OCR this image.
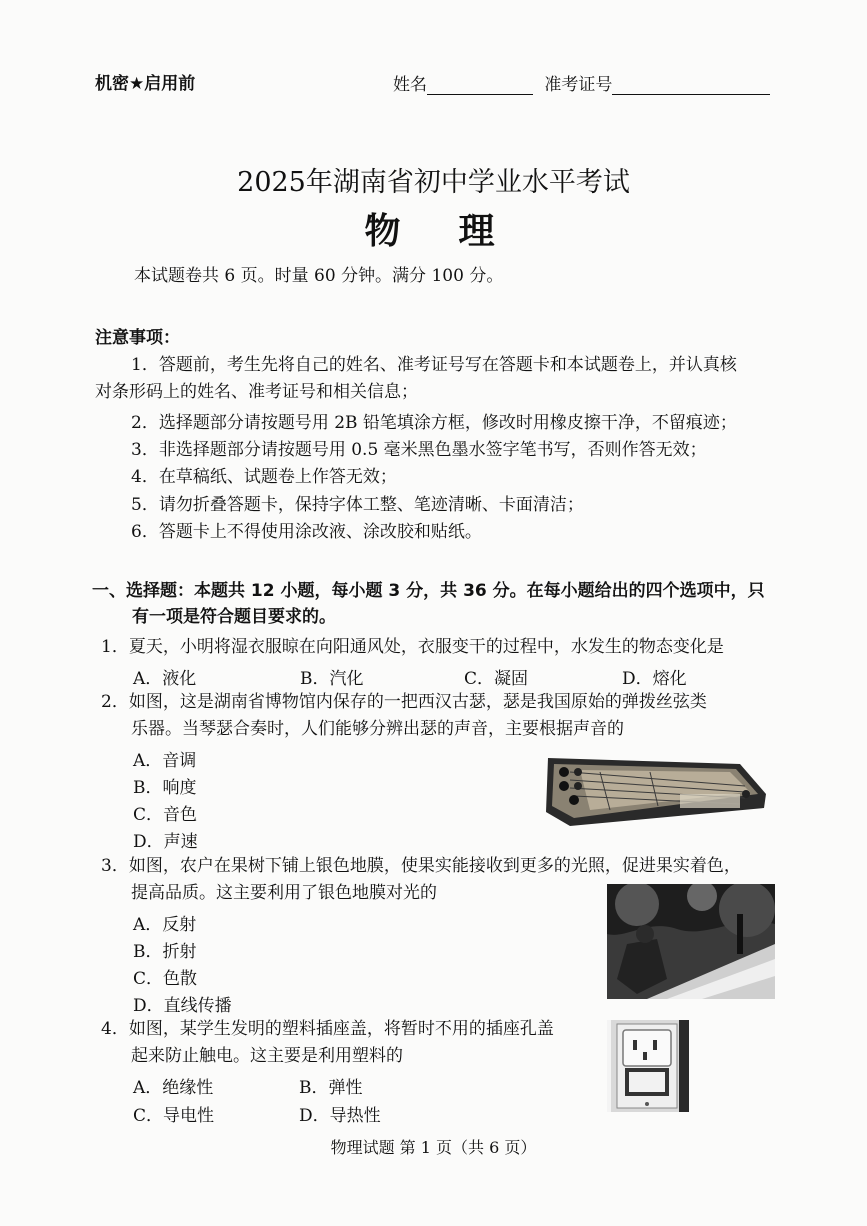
机密★启用前	姓名	准考证号
2025年湖南省初中学业水平考试
物理
本试题卷共 6 页。时量 60 分钟。满分 100 分。
注意事项：
1．答题前，考生先将自己的姓名、准考证号写在答题卡和本试题卷上，并认真核
对条形码上的姓名、准考证号和相关信息；
2．选择题部分请按题号用 2B 铅笔填涂方框，修改时用橡皮擦干净，不留痕迹；
3．非选择题部分请按题号用 0.5 毫米黑色墨水签字笔书写，否则作答无效；
4．在草稿纸、试题卷上作答无效；
5．请勿折叠答题卡，保持字体工整、笔迹清晰、卡面清洁；
6．答题卡上不得使用涂改液、涂改胶和贴纸。
一、选择题：本题共 12 小题，每小题 3 分，共 36 分。在每小题给出的四个选项中，只
有一项是符合题目要求的。
1．夏天，小明将湿衣服晾在向阳通风处，衣服变干的过程中，水发生的物态变化是
A．液化	B．汽化	C．凝固	D．熔化
2．如图，这是湖南省博物馆内保存的一把西汉古瑟，瑟是我国原始的弹拨丝弦类
乐器。当琴瑟合奏时，人们能够分辨出瑟的声音，主要根据声音的
A．音调
B．响度
C．音色
D．声速
3．如图，农户在果树下铺上银色地膜，使果实能接收到更多的光照，促进果实着色，
提高品质。这主要利用了银色地膜对光的
A．反射
B．折射
C．色散
D．直线传播
4．如图，某学生发明的塑料插座盖，将暂时不用的插座孔盖
起来防止触电。这主要是利用塑料的
A．绝缘性	B．弹性
C．导电性	D．导热性
物理试题 第 1 页（共 6 页）
